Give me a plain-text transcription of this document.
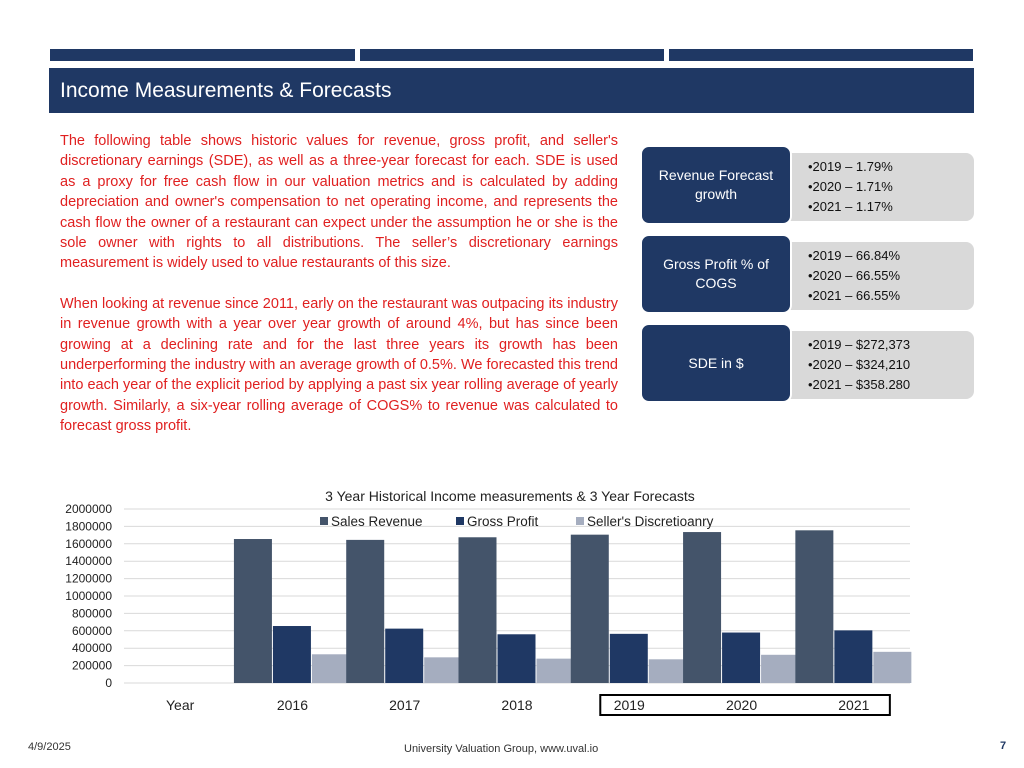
Income Measurements & Forecasts

The following table shows historic values for revenue, gross profit, and seller's discretionary earnings (SDE), as well as a three-year forecast for each. SDE is used as a proxy for free cash flow in our valuation metrics and is calculated by adding depreciation and owner's compensation to net operating income, and represents the cash flow the owner of a restaurant can expect under the assumption he or she is the sole owner with rights to all distributions. The seller’s discretionary earnings measurement is widely used to value restaurants of this size.

When looking at revenue since 2011, early on the restaurant was outpacing its industry in revenue growth with a year over year growth of around 4%, but has since been growing at a declining rate and for the last three years its growth has been underperforming the industry with an average growth of 0.5%. We forecasted this trend into each year of the explicit period by applying a past six year rolling average of yearly growth. Similarly, a six-year rolling average of COGS% to revenue was calculated to forecast gross profit.

•2019 – 1.79%
•2020 – 1.71%
•2021 – 1.17%
Revenue Forecast growth
•2019 – 66.84%
•2020 – 66.55%
•2021 – 66.55%
Gross Profit % of COGS
•2019 – $272,373
•2020 – $324,210
•2021 – $358.280
SDE in $
3 Year Historical Income measurements & 3 Year Forecasts
0
200000
400000
600000
800000
1000000
1200000
1400000
1600000
1800000
2000000
Year	2016	2017	2018	2019	2020	2021
Sales Revenue	Gross Profit	Seller's Discretioanry
4/9/2025	University Valuation Group, www.uval.io	7
